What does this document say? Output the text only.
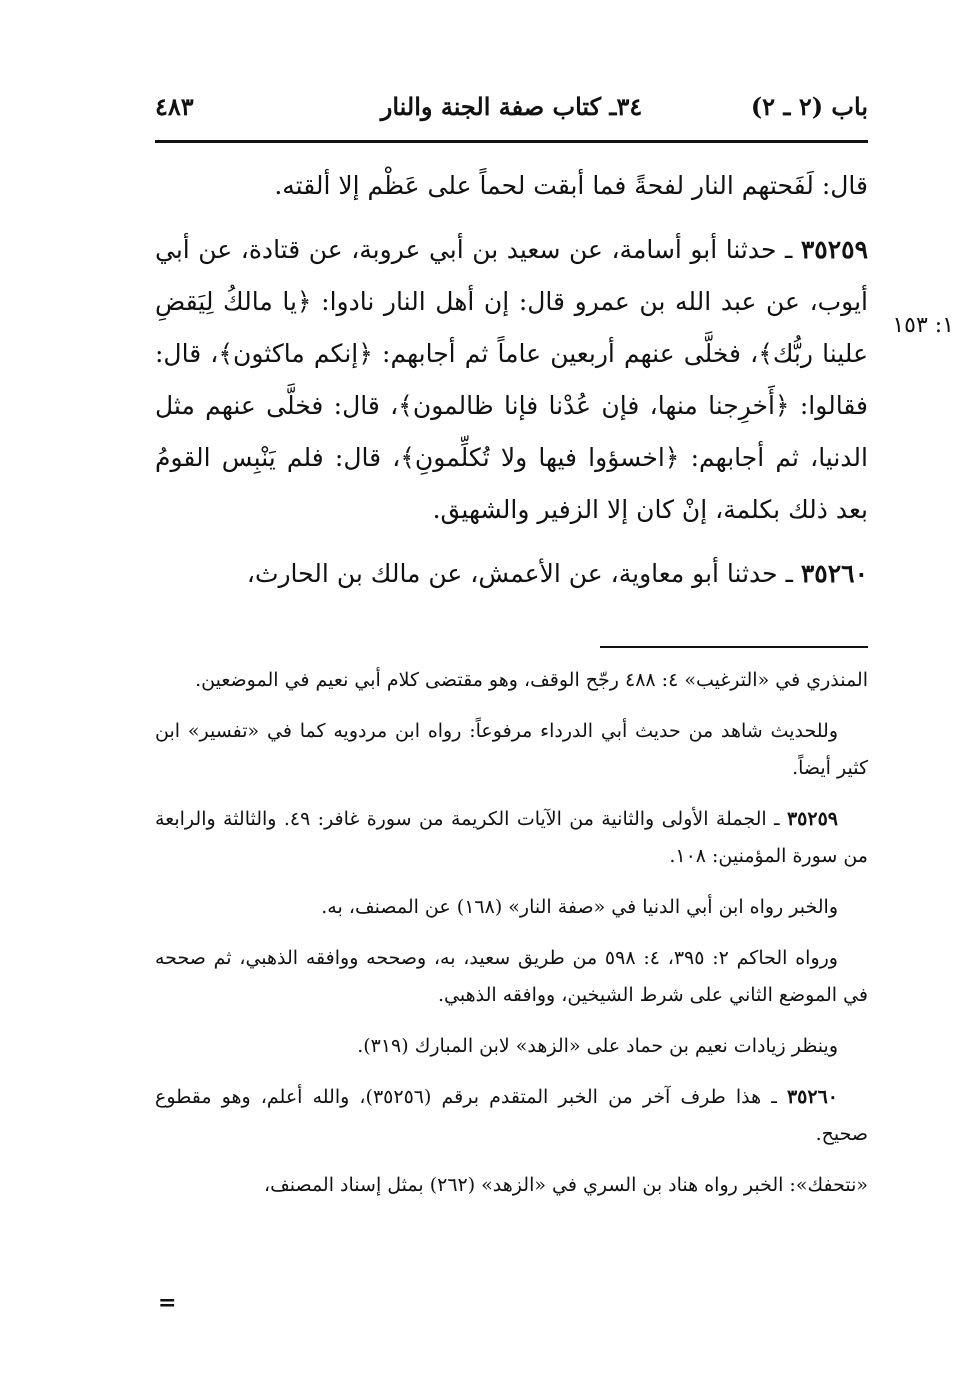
باب (٢ ـ ٢)
٣٤ـ كتاب صفة الجنة والنار
٤٨٣
١: ١٥٣

قال: لَفَحتهم النار لفحةً فما أبقت لحماً على عَظْم إلا ألقته.

٣٥٢٥٩ ـ حدثنا أبو أسامة، عن سعيد بن أبي عروبة، عن قتادة، عن أبي أيوب، عن عبد الله بن عمرو قال: إن أهل النار نادوا: ﴿يا مالكُ لِيَقضِ علينا ربُّك﴾، فخلَّى عنهم أربعين عاماً ثم أجابهم: ﴿إنكم ماكثون﴾، قال: فقالوا: ﴿أَخرِجنا منها، فإن عُدْنا فإنا ظالمون﴾، قال: فخلَّى عنهم مثل الدنيا، ثم أجابهم: ﴿اخسؤوا فيها ولا تُكلِّمونِ﴾، قال: فلم يَنْبِس القومُ بعد ذلك بكلمة، إنْ كان إلا الزفير والشهيق.

٣٥٢٦٠ ـ حدثنا أبو معاوية، عن الأعمش، عن مالك بن الحارث،

المنذري في «الترغيب» ٤: ٤٨٨ رجّح الوقف، وهو مقتضى كلام أبي نعيم في الموضعين.

وللحديث شاهد من حديث أبي الدرداء مرفوعاً: رواه ابن مردويه كما في «تفسير» ابن كثير أيضاً.

٣٥٢٥٩ ـ الجملة الأولى والثانية من الآيات الكريمة من سورة غافر: ٤٩. والثالثة والرابعة من سورة المؤمنين: ١٠٨.

والخبر رواه ابن أبي الدنيا في «صفة النار» (١٦٨) عن المصنف، به.

ورواه الحاكم ٢: ٣٩٥، ٤: ٥٩٨ من طريق سعيد، به، وصححه ووافقه الذهبي، ثم صححه في الموضع الثاني على شرط الشيخين، ووافقه الذهبي.

وينظر زيادات نعيم بن حماد على «الزهد» لابن المبارك (٣١٩).

٣٥٢٦٠ ـ هذا طرف آخر من الخبر المتقدم برقم (٣٥٢٥٦)، والله أعلم، وهو مقطوع صحيح.

«نتحفك»: الخبر رواه هناد بن السري في «الزهد» (٢٦٢) بمثل إسناد المصنف،

=
